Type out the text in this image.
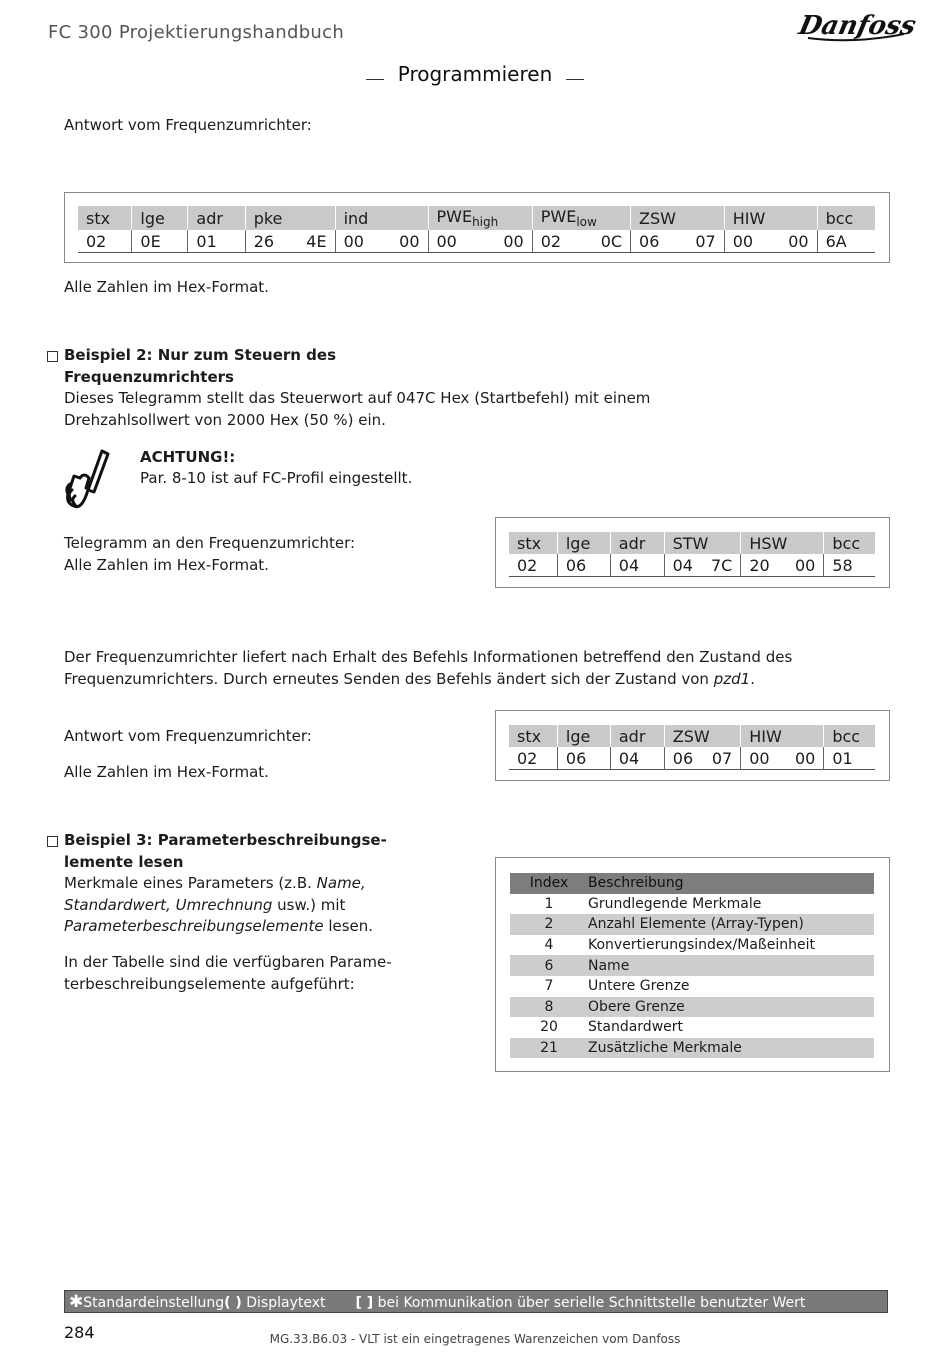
FC 300 Projektierungshandbuch	Danfoss
Programmieren
Antwort vom Frequenzumrichter:
stx	lge	adr	pke	ind	$PWE_{high}$	$PWE_{low}$	ZSW	HIW	bcc
02	0E	01	26 4E	00 00	00 00	02 0C	06 07	00 00	6A
Alle Zahlen im Hex-Format.
Beispiel 2: Nur zum Steuern des
Frequenzumrichters
Dieses Telegramm stellt das Steuerwort auf 047C Hex (Startbefehl) mit einem
Drehzahlsollwert von 2000 Hex (50 %) ein.
ACHTUNG!:
Par. 8-10 ist auf FC-Profil eingestellt.
Telegramm an den Frequenzumrichter:
Alle Zahlen im Hex-Format.
stx	lge	adr	STW	HSW	bcc
02	06	04	04 7C	20 00	58
Der Frequenzumrichter liefert nach Erhalt des Befehls Informationen betreffend den Zustand des
Frequenzumrichters. Durch erneutes Senden des Befehls ändert sich der Zustand von pzd1.
Antwort vom Frequenzumrichter:
Alle Zahlen im Hex-Format.
stx	lge	adr	ZSW	HIW	bcc
02	06	04	06 07	00 00	01
Beispiel 3: Parameterbeschreibungse-
lemente lesen
Merkmale eines Parameters (z.B. Name,
Standardwert, Umrechnung usw.) mit
Parameterbeschreibungselemente lesen.
In der Tabelle sind die verfügbaren Parame-
terbeschreibungselemente aufgeführt:
Index	Beschreibung
1	Grundlegende Merkmale
2	Anzahl Elemente (Array-Typen)
4	Konvertierungsindex/Maßeinheit
6	Name
7	Untere Grenze
8	Obere Grenze
20	Standardwert
21	Zusätzliche Merkmale
✱Standardeinstellung( ) Displaytext [ ] bei Kommunikation über serielle Schnittstelle benutzter Wert
284	MG.33.B6.03 - VLT ist ein eingetragenes Warenzeichen vom Danfoss
